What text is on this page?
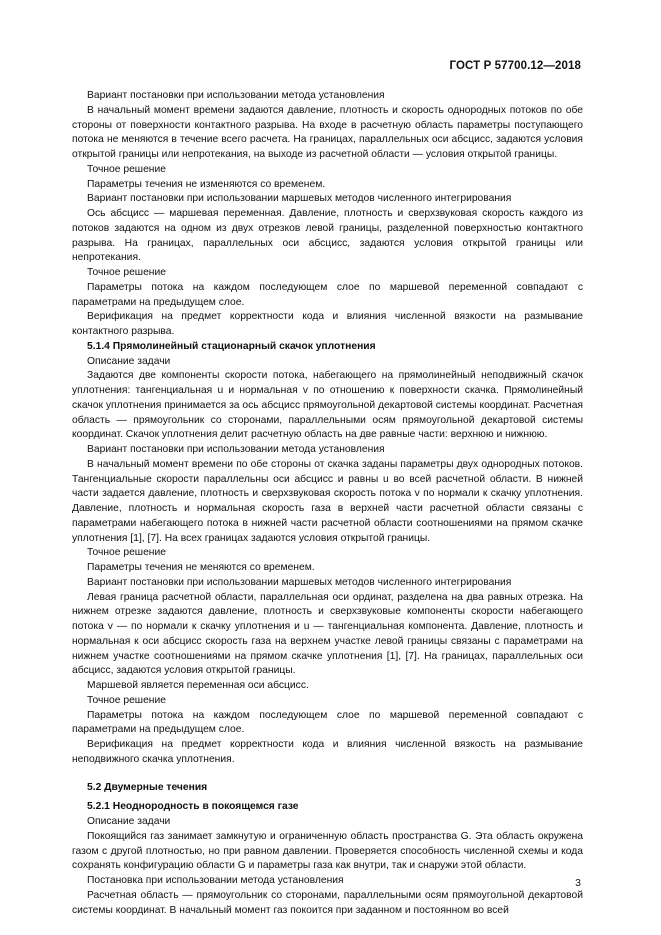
ГОСТ Р 57700.12—2018

Вариант постановки при использовании метода установления

В начальный момент времени задаются давление, плотность и скорость однородных потоков по обе стороны от поверхности контактного разрыва. На входе в расчетную область параметры поступающего потока не меняются в течение всего расчета. На границах, параллельных оси абсцисс, задаются условия открытой границы или непротекания, на выходе из расчетной области — условия открытой границы.

Точное решение

Параметры течения не изменяются со временем.

Вариант постановки при использовании маршевых методов численного интегрирования

Ось абсцисс — маршевая переменная. Давление, плотность и сверхзвуковая скорость каждого из потоков задаются на одном из двух отрезков левой границы, разделенной поверхностью контактного разрыва. На границах, параллельных оси абсцисс, задаются условия открытой границы или непротекания.

Точное решение

Параметры потока на каждом последующем слое по маршевой переменной совпадают с параметрами на предыдущем слое.

Верификация на предмет корректности кода и влияния численной вязкости на размывание контактного разрыва.

5.1.4 Прямолинейный стационарный скачок уплотнения

Описание задачи

Задаются две компоненты скорости потока, набегающего на прямолинейный неподвижный скачок уплотнения: тангенциальная u и нормальная v по отношению к поверхности скачка. Прямолинейный скачок уплотнения принимается за ось абсцисс прямоугольной декартовой системы координат. Расчетная область — прямоугольник со сторонами, параллельными осям прямоугольной декартовой системы координат. Скачок уплотнения делит расчетную область на две равные части: верхнюю и нижнюю.

Вариант постановки при использовании метода установления

В начальный момент времени по обе стороны от скачка заданы параметры двух однородных потоков. Тангенциальные скорости параллельны оси абсцисс и равны u во всей расчетной области. В нижней части задается давление, плотность и сверхзвуковая скорость потока v по нормали к скачку уплотнения. Давление, плотность и нормальная скорость газа в верхней части расчетной области связаны с параметрами набегающего потока в нижней части расчетной области соотношениями на прямом скачке уплотнения [1], [7]. На всех границах задаются условия открытой границы.

Точное решение

Параметры течения не меняются со временем.

Вариант постановки при использовании маршевых методов численного интегрирования

Левая граница расчетной области, параллельная оси ординат, разделена на два равных отрезка. На нижнем отрезке задаются давление, плотность и сверхзвуковые компоненты скорости набегающего потока v — по нормали к скачку уплотнения и u — тангенциальная компонента. Давление, плотность и нормальная к оси абсцисс скорость газа на верхнем участке левой границы связаны с параметрами на нижнем участке соотношениями на прямом скачке уплотнения [1], [7]. На границах, параллельных оси абсцисс, задаются условия открытой границы.

Маршевой является переменная оси абсцисс.

Точное решение

Параметры потока на каждом последующем слое по маршевой переменной совпадают с параметрами на предыдущем слое.

Верификация на предмет корректности кода и влияния численной вязкость на размывание неподвижного скачка уплотнения.

5.2 Двумерные течения

5.2.1 Неоднородность в покоящемся газе

Описание задачи

Покоящийся газ занимает замкнутую и ограниченную область пространства G. Эта область окружена газом с другой плотностью, но при равном давлении. Проверяется способность численной схемы и кода сохранять конфигурацию области G и параметры газа как внутри, так и снаружи этой области.

Постановка при использовании метода установления

Расчетная область — прямоугольник со сторонами, параллельными осям прямоугольной декартовой системы координат. В начальный момент газ покоится при заданном и постоянном во всей

3
